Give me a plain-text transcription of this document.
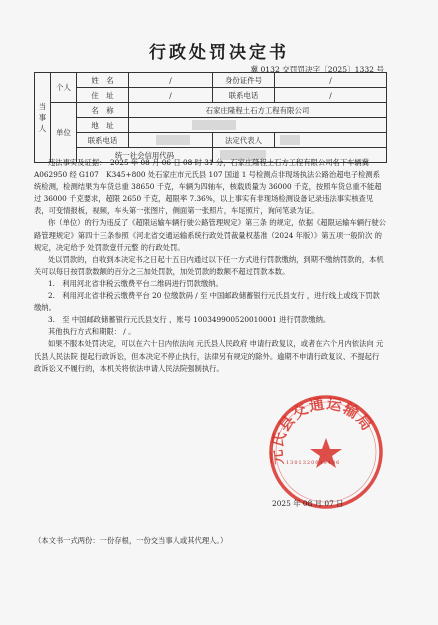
行政处罚决定书
冀 0132 交罚罚决字〔2025〕1332 号
当事人	个人	姓　名	/	身份证件号	/
		住　址	/	联系电话	/
	单位	名　称	石家庄隆程土石方工程有限公司		
		地　址			
		联系电话		法定代表人	
		统一社会信用代码			

违法事实及证据：　2025 年 08 月 06 日 08 时 31 分，石家庄隆程土石方工程有限公司名下车辆冀 A062950 经 G107　K345+800 处石家庄市元氏县 107 国道 1 号检测点非现场执法公路治超电子检测系统检测，检测结果为车货总重 38650 千克，车辆为四轴车，核载质量为 36000 千克，按照车货总重不能超过 36000 千克要求，超限 2650 千克，超限率 7.36%，以上事实有非现场检测设备记录违法事实核查见表，可变情报板，视频，车头第一张图片，侧面第一张照片，车尾照片，询问笔录为证。

你（单位）的行为违反了《超限运输车辆行驶公路管理规定》第三条 的规定，依据《超限运输车辆行驶公路管理规定》第四十三条参照《河北省交通运输系统行政处罚裁量权基准（2024 年版）》第五项一般阶次 的规定，决定给予 处罚款壹仟元整 的行政处罚。

处以罚款的，自收到本决定书之日起十五日内通过以下任一方式进行罚款缴纳，到期不缴纳罚款的，本机关可以每日按罚款数额的百分之三加处罚款，加处罚款的数额不超过罚款本数。

1.　利用河北省非税云缴费平台二维码进行罚款缴纳。

2.　利用河北省非税云缴费平台 20 位缴款码 / 至 中国邮政储蓄银行元氏县支行 ，进行线上或线下罚款缴纳。

3.　至 中国邮政储蓄银行元氏县支行 ，账号 100349900520010001 进行罚款缴纳。

其他执行方式和期限： / 。

如果不服本处罚决定，可以在六十日内依法向 元氏县人民政府 申请行政复议，或者在六个月内依法向 元氏县人民法院 提起行政诉讼，但本决定不停止执行，法律另有规定的除外。逾期不申请行政复议、不提起行政诉讼又不履行的，本机关将依法申请人民法院强制执行。

元氏县交通运输局
1301320049486
2025 年 08 月 07 日
（本文书一式两份：一份存根，一份交当事人或其代理人。）
